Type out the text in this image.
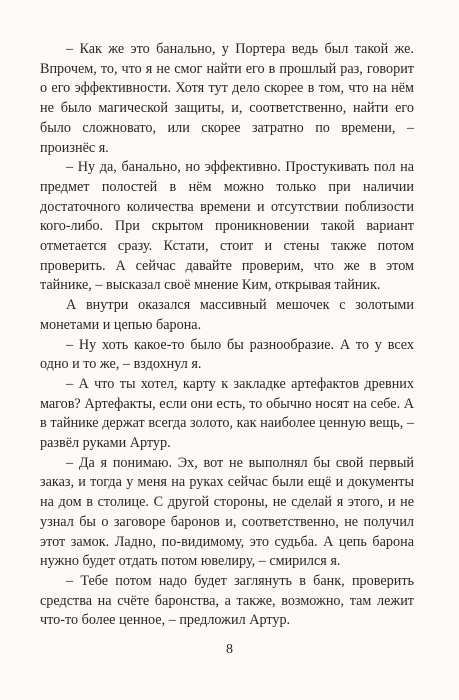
– Как же это банально, у Портера ведь был такой же. Впрочем, то, что я не смог найти его в прошлый раз, говорит о его эффективности. Хотя тут дело скорее в том, что на нём не было магической защиты, и, соответственно, найти его было сложновато, или скорее затратно по времени, – произнёс я.

– Ну да, банально, но эффективно. Простукивать пол на предмет полостей в нём можно только при наличии достаточного количества времени и отсутствии поблизости кого-либо. При скрытом проникновении такой вариант отметается сразу. Кстати, стоит и стены также потом проверить. А сейчас давайте проверим, что же в этом тайнике, – высказал своё мнение Ким, открывая тайник.

А внутри оказался массивный мешочек с золотыми монетами и цепью барона.

– Ну хоть какое-то было бы разнообразие. А то у всех одно и то же, – вздохнул я.

– А что ты хотел, карту к закладке артефактов древних магов? Артефакты, если они есть, то обычно носят на себе. А в тайнике держат всегда золото, как наиболее ценную вещь, – развёл руками Артур.

– Да я понимаю. Эх, вот не выполнял бы свой первый заказ, и тогда у меня на руках сейчас были ещё и документы на дом в столице. С другой стороны, не сделай я этого, и не узнал бы о заговоре баронов и, соответственно, не получил этот замок. Ладно, по-видимому, это судьба. А цепь барона нужно будет отдать потом ювелиру, – смирился я.

– Тебе потом надо будет заглянуть в банк, проверить средства на счёте баронства, а также, возможно, там лежит что-то более ценное, – предложил Артур.

8
